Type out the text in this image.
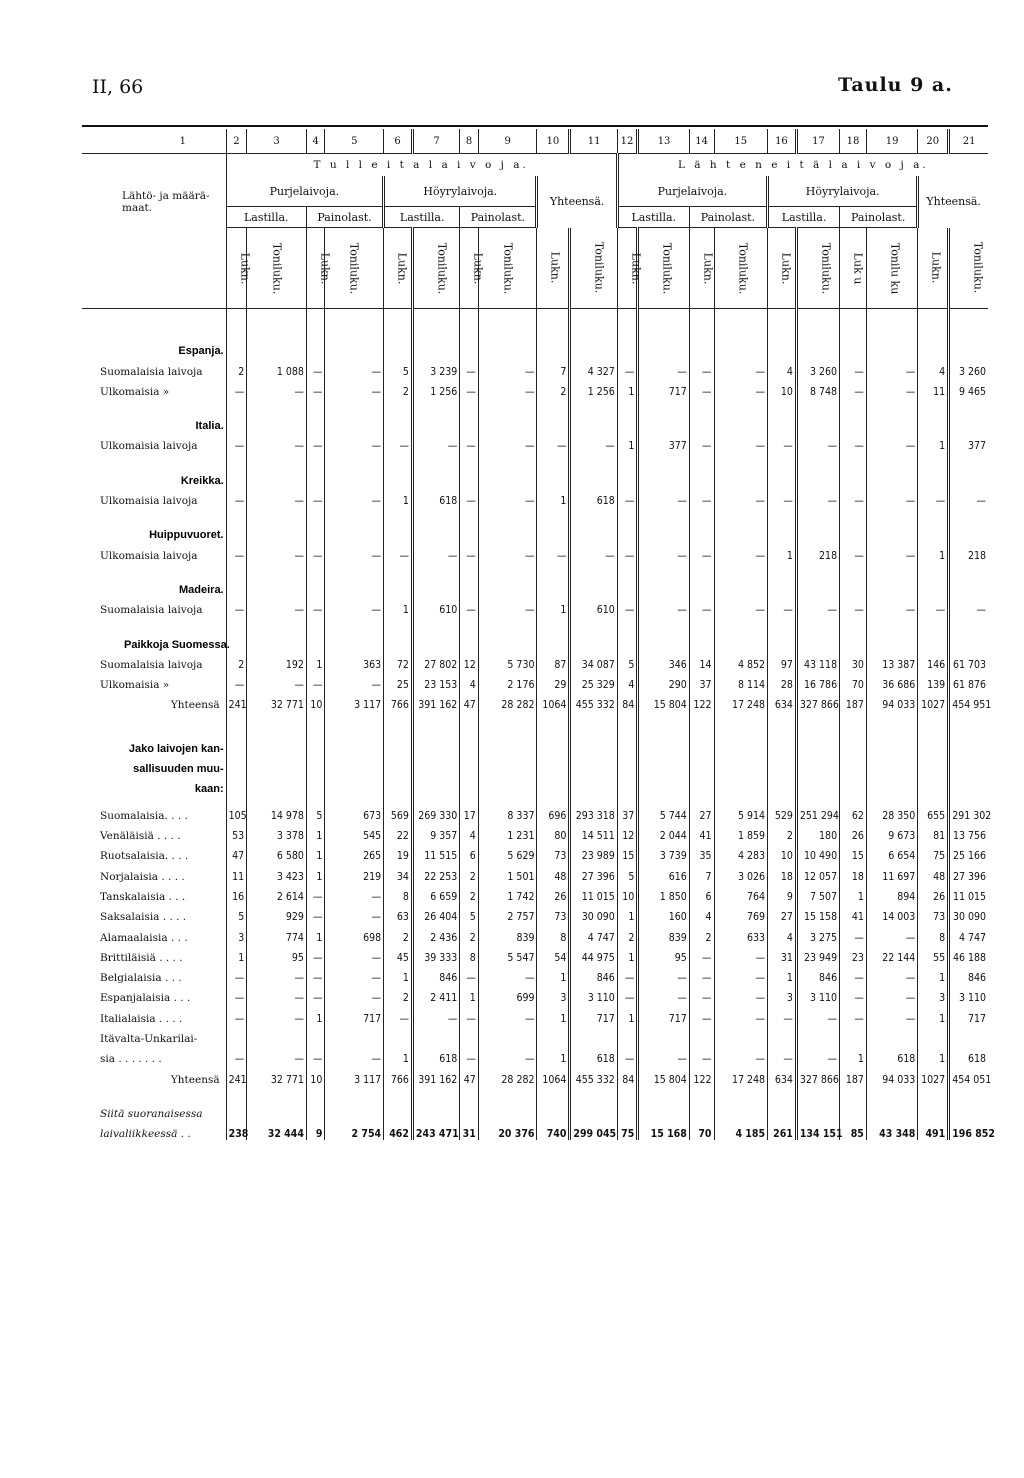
II, 66	Taulu 9 a.
1	2	3	4	5	6	7	8	9	10	11	12	13	14	15	16	17	18	19	20	21
	T u l l e i t a l a i v o j a.										L ä h t e n e i t ä l a i v o j a.									
Lähtö- ja määrä-maat.	Purjelaivoja.				Höyrylaivoja.				Yhteensä.		Purjelaivoja.				Höyrylaivoja.				Yhteensä.	
	Lastilla.		Painolast.		Lastilla.		Painolast.				Lastilla.		Painolast.		Lastilla.		Painolast.			
	Lukn.	Toniluku.	Lukn.	Toniluku.	Lukn.	Toniluku.	Lukn.	Toniluku.	Lukn.	Toniluku.	Lukn.	Toniluku.	Lukn.	Toniluku.	Lukn.	Toniluku.	Luk u	Tonilu ku	Lukn.	Toniluku.

Espanja.																				
Suomalaisia laivoja	2	1 088	—	—	5	3 239	—	—	7	4 327	—	—	—	—	4	3 260	—	—	4	3 260
Ulkomaisia »	—	—	—	—	2	1 256	—	—	2	1 256	1	717	—	—	10	8 748	—	—	11	9 465

Italia.																				
Ulkomaisia laivoja	—	—	—	—	—	—	—	—	—	—	1	377	—	—	—	—	—	—	1	377

Kreikka.																				
Ulkomaisia laivoja	—	—	—	—	1	618	—	—	1	618	—	—	—	—	—	—	—	—	—	—

Huippuvuoret.																				
Ulkomaisia laivoja	—	—	—	—	—	—	—	—	—	—	—	—	—	—	1	218	—	—	1	218

Madeira.																				
Suomalaisia laivoja	—	—	—	—	1	610	—	—	1	610	—	—	—	—	—	—	—	—	—	—

Paikkoja Suomessa.																				
Suomalaisia laivoja	2	192	1	363	72	27 802	12	5 730	87	34 087	5	346	14	4 852	97	43 118	30	13 387	146	61 703
Ulkomaisia »	—	—	—	—	25	23 153	4	2 176	29	25 329	4	290	37	8 114	28	16 786	70	36 686	139	61 876
Yhteensä	241	32 771	10	3 117	766	391 162	47	28 282	1064	455 332	84	15 804	122	17 248	634	327 866	187	94 033	1027	454 951

Jako laivojen kan-sallisuuden muu-kaan:																				
Suomalaisia. . . .	105	14 978	5	673	569	269 330	17	8 337	696	293 318	37	5 744	27	5 914	529	251 294	62	28 350	655	291 302
Venäläisiä . . . .	53	3 378	1	545	22	9 357	4	1 231	80	14 511	12	2 044	41	1 859	2	180	26	9 673	81	13 756
Ruotsalaisia. . . .	47	6 580	1	265	19	11 515	6	5 629	73	23 989	15	3 739	35	4 283	10	10 490	15	6 654	75	25 166
Norjalaisia . . . .	11	3 423	1	219	34	22 253	2	1 501	48	27 396	5	616	7	3 026	18	12 057	18	11 697	48	27 396
Tanskalaisia . . .	16	2 614	—	—	8	6 659	2	1 742	26	11 015	10	1 850	6	764	9	7 507	1	894	26	11 015
Saksalaisia . . . .	5	929	—	—	63	26 404	5	2 757	73	30 090	1	160	4	769	27	15 158	41	14 003	73	30 090
Alamaalaisia . . .	3	774	1	698	2	2 436	2	839	8	4 747	2	839	2	633	4	3 275	—	—	8	4 747
Brittiläisiä . . . .	1	95	—	—	45	39 333	8	5 547	54	44 975	1	95	—	—	31	23 949	23	22 144	55	46 188
Belgialaisia . . .	—	—	—	—	1	846	—	—	1	846	—	—	—	—	1	846	—	—	1	846
Espanjalaisia . . .	—	—	—	—	2	2 411	1	699	3	3 110	—	—	—	—	3	3 110	—	—	3	3 110
Italialaisia . . . .	—	—	1	717	—	—	—	—	1	717	1	717	—	—	—	—	—	—	1	717
Itävalta-Unkarilai-																				
sia . . . . . . .	—	—	—	—	1	618	—	—	1	618	—	—	—	—	—	—	1	618	1	618
Yhteensä	241	32 771	10	3 117	766	391 162	47	28 282	1064	455 332	84	15 804	122	17 248	634	327 866	187	94 033	1027	454 051

Siitä suoranaisessa																				
laivaliikkeessä . .	238	32 444	9	2 754	462	243 471	31	20 376	740	299 045	75	15 168	70	4 185	261	134 151	85	43 348	491	196 852
